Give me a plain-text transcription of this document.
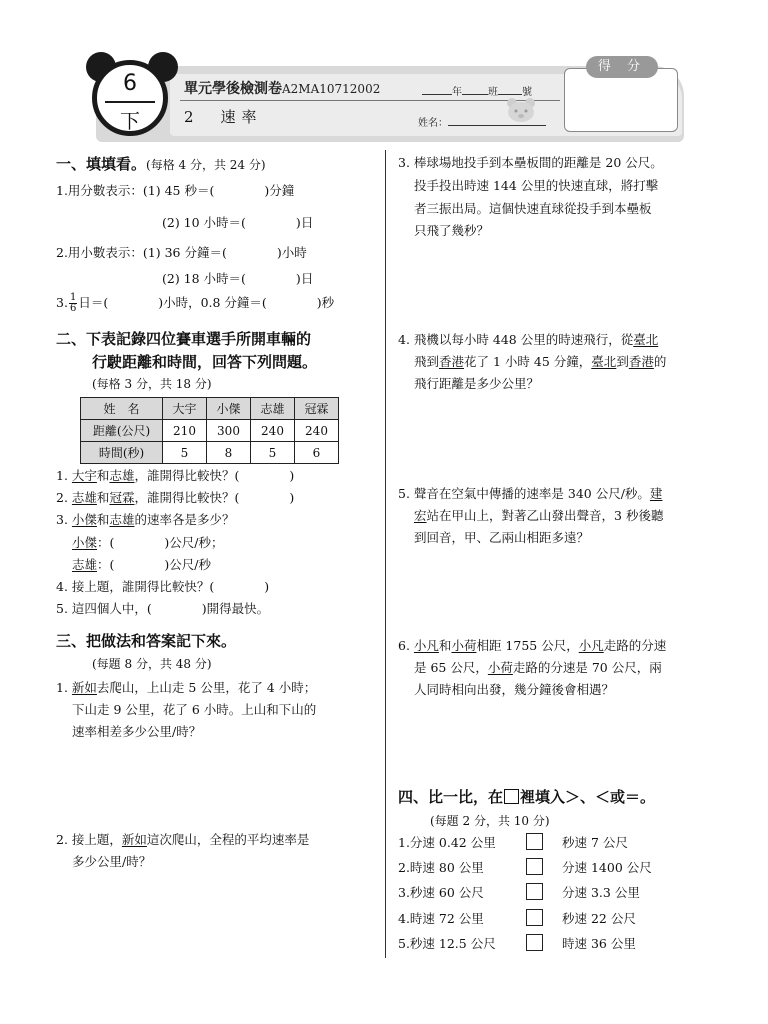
6
下
單元學後檢測卷A2MA10712002	年	班 號
2　速率	姓名：
得 分
一、填填看。(每格 4 分，共 24 分)
1.用分數表示：(1) 45 秒＝(　　　　)分鐘
(2) 10 小時＝(　　　　)日
2.用小數表示：(1) 36 分鐘＝(　　　　)小時
(2) 18 小時＝(　　　　)日
3. $\frac{1}{6}$ 日＝(　　　　)小時，0.8 分鐘＝(　　　　)秒
二、下表記錄四位賽車選手所開車輛的
行駛距離和時間，回答下列問題。
(每格 3 分，共 18 分)
姓　名	大宇	小傑	志雄	冠霖
距離(公尺)	210	300	240	240
時間(秒)	5	8	5	6
1. 大宇和志雄，誰開得比較快？(　　　　)
2. 志雄和冠霖，誰開得比較快？(　　　　)
3. 小傑和志雄的速率各是多少？
小傑：(　　　　)公尺/秒；
志雄：(　　　　)公尺/秒
4. 接上題，誰開得比較快？(　　　　)
5. 這四個人中，(　　　　)開得最快。
三、把做法和答案記下來。
(每題 8 分，共 48 分)
1. 新如去爬山，上山走 5 公里，花了 4 小時；
下山走 9 公里，花了 6 小時。上山和下山的
速率相差多少公里/時？
2. 接上題，新如這次爬山，全程的平均速率是
多少公里/時？
3. 棒球場地投手到本壘板間的距離是 20 公尺。
投手投出時速 144 公里的快速直球，將打擊
者三振出局。這個快速直球從投手到本壘板
只飛了幾秒？
4. 飛機以每小時 448 公里的時速飛行，從臺北
飛到香港花了 1 小時 45 分鐘，臺北到香港的
飛行距離是多少公里？
5. 聲音在空氣中傳播的速率是 340 公尺/秒。建
宏站在甲山上，對著乙山發出聲音，3 秒後聽
到回音，甲、乙兩山相距多遠？
6. 小凡和小荷相距 1755 公尺，小凡走路的分速
是 65 公尺，小荷走路的分速是 70 公尺，兩
人同時相向出發，幾分鐘後會相遇？
四、比一比，在 裡填入＞、＜或＝。
(每題 2 分，共 10 分)
1.分速 0.42 公里	秒速 7 公尺
2.時速 80 公里	分速 1400 公尺
3.秒速 60 公尺	分速 3.3 公里
4.時速 72 公里	秒速 22 公尺
5.秒速 12.5 公尺	時速 36 公里
